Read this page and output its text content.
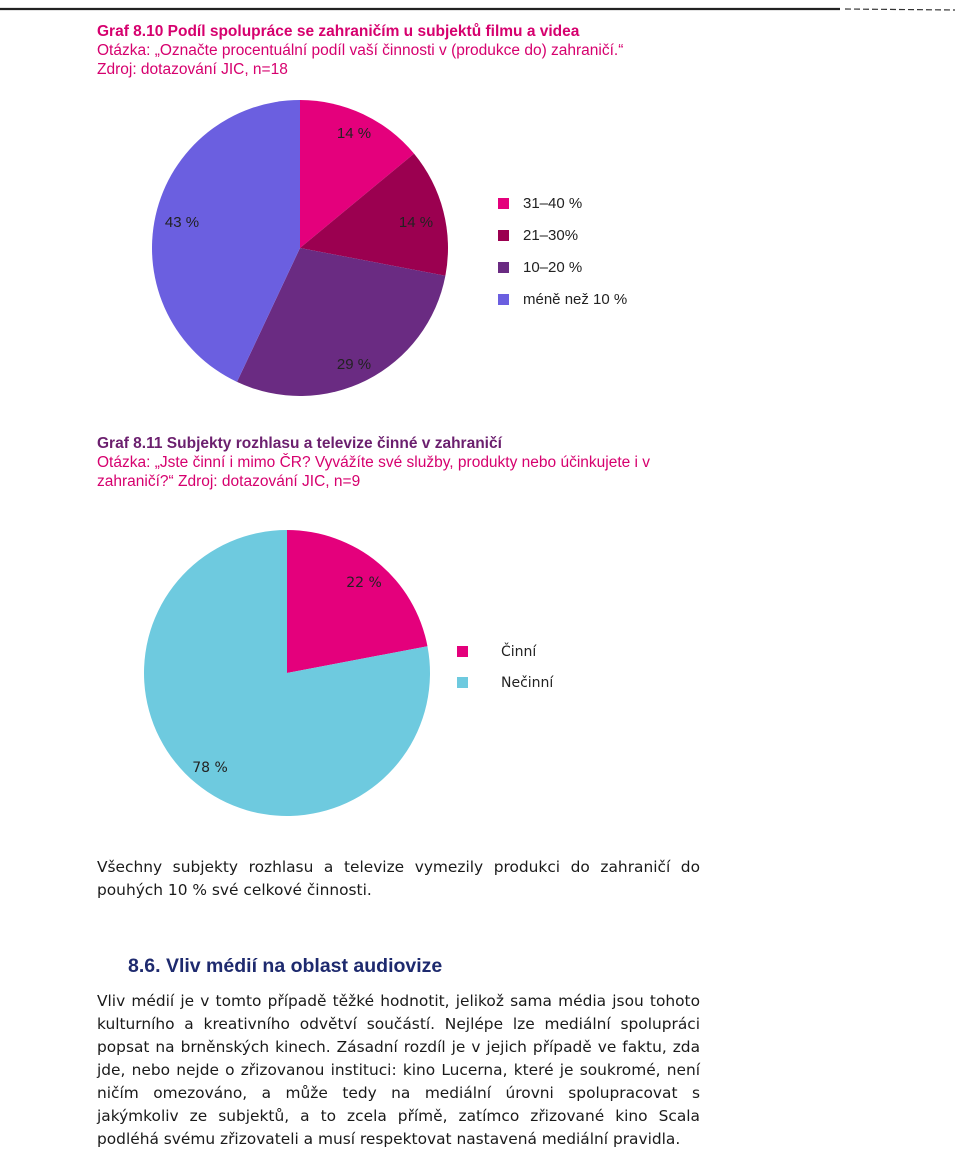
Graf 8.10 Podíl spolupráce se zahraničím u subjektů filmu a videa
Otázka: „Označte procentuální podíl vaší činnosti v (produkce do) zahraničí.“ Zdroj: dotazování JIC, n=18
14 %
14 %
29 %
43 %
31–40 %
21–30%
10–20 %
méně než 10 %
Graf 8.11 Subjekty rozhlasu a televize činné v zahraničí
Otázka: „Jste činní i mimo ČR? Vyvážíte své služby, produkty nebo účinkujete i v zahraničí?“ Zdroj: dotazování JIC, n=9
22 %
78 %
Činní
Nečinní

Všechny subjekty rozhlasu a televize vymezily produkci do zahraničí do pouhých 10 % své celkové činnosti.

8.6. Vliv médií na oblast audiovize

Vliv médií je v tomto případě těžké hodnotit, jelikož sama média jsou tohoto kulturního a kreativního odvětví součástí. Nejlépe lze mediální spolupráci popsat na brněnských kinech. Zásadní rozdíl je v jejich případě ve faktu, zda jde, nebo nejde o zřizovanou instituci: kino Lucerna, které je soukromé, není ničím omezováno, a může tedy na mediální úrovni spolupracovat s jakýmkoliv ze subjektů, a to zcela přímě, zatímco zřizované kino Scala podléhá svému zřizovateli a musí respektovat nastavená mediální pravidla.
